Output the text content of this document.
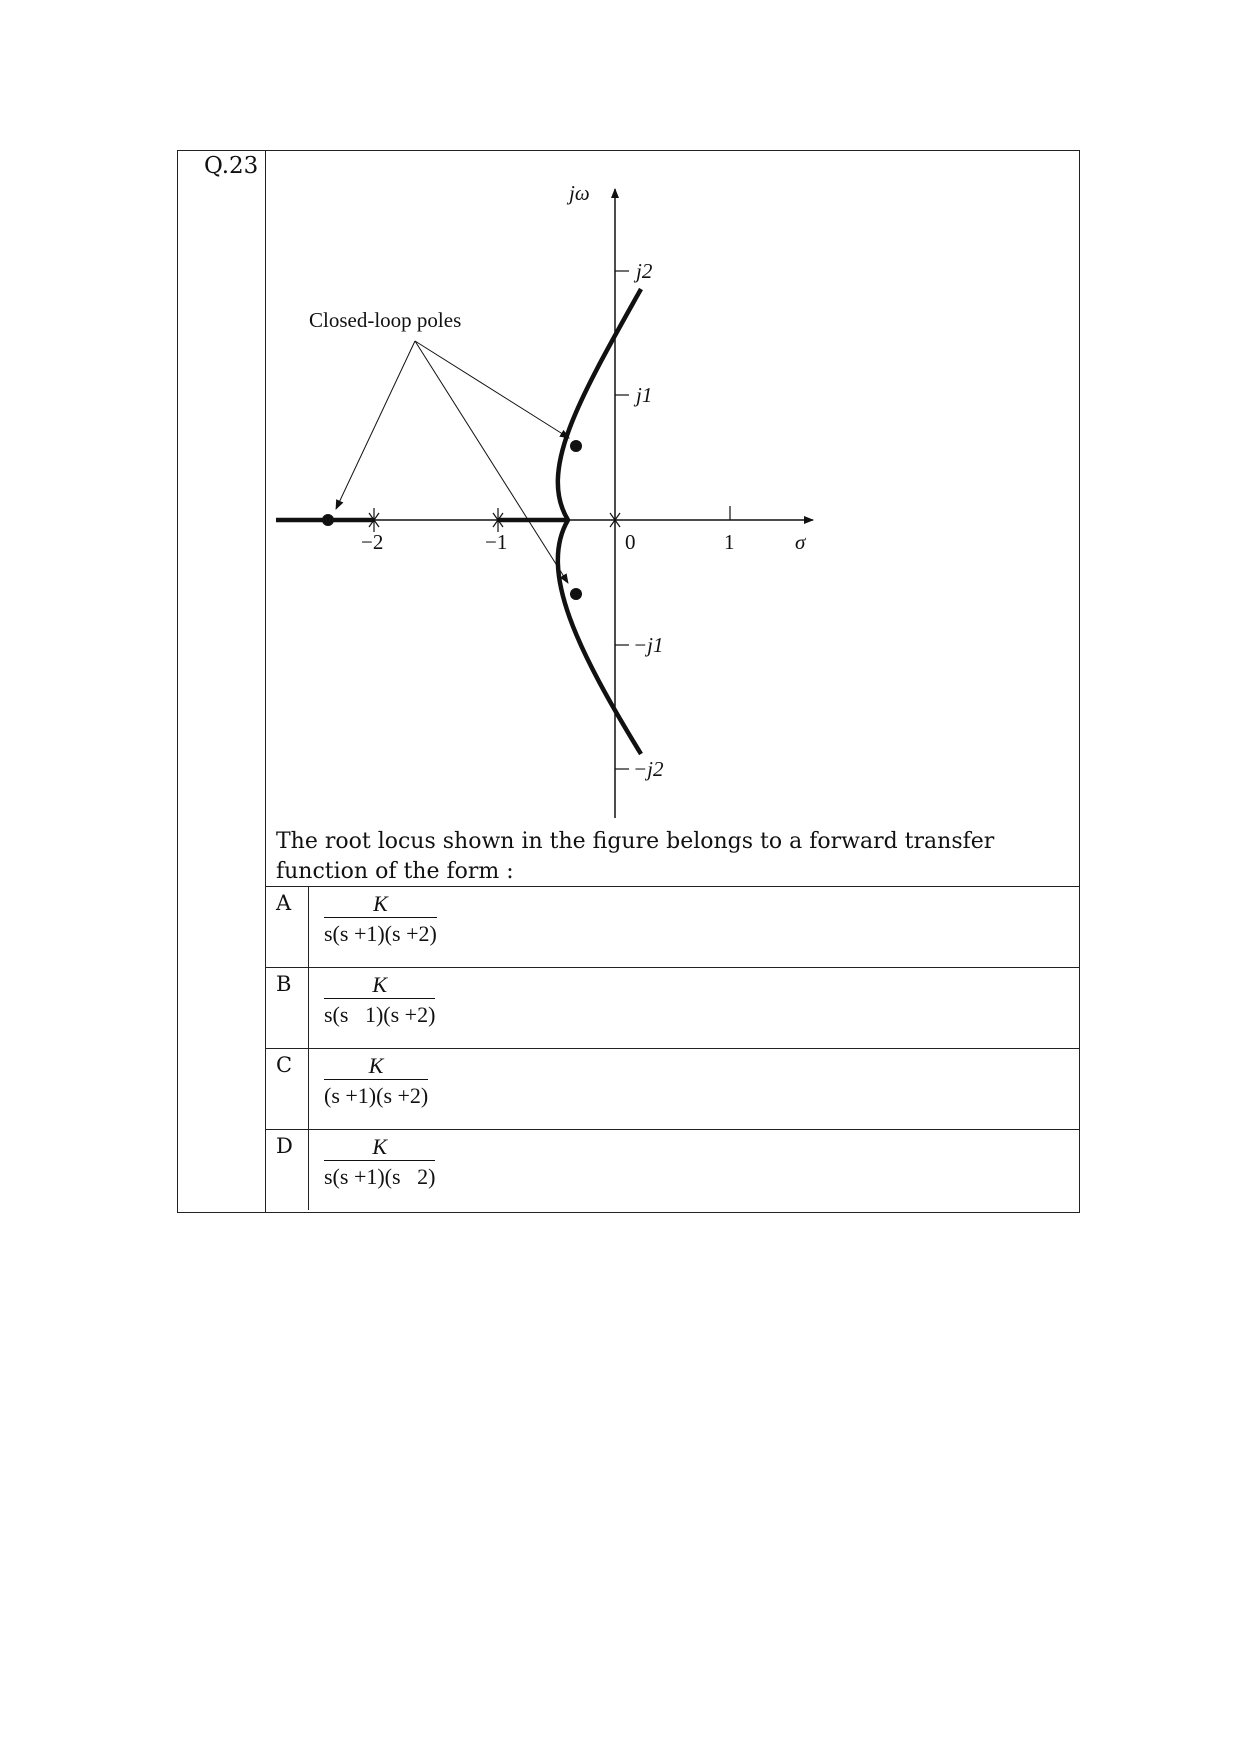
Q.23
Closed-loop poles
jω
σ
−2	−1	0	1
j2
j1
−j1
−j2
The root locus shown in the figure belongs to a forward transfer function of the form :
A	$\frac{K}{s(s +1)(s +2)}$
B	$\frac{K}{s(s 1)(s +2)}$
C	$\frac{K}{(s +1)(s +2)}$
D	$\frac{K}{s(s +1)(s 2)}$
